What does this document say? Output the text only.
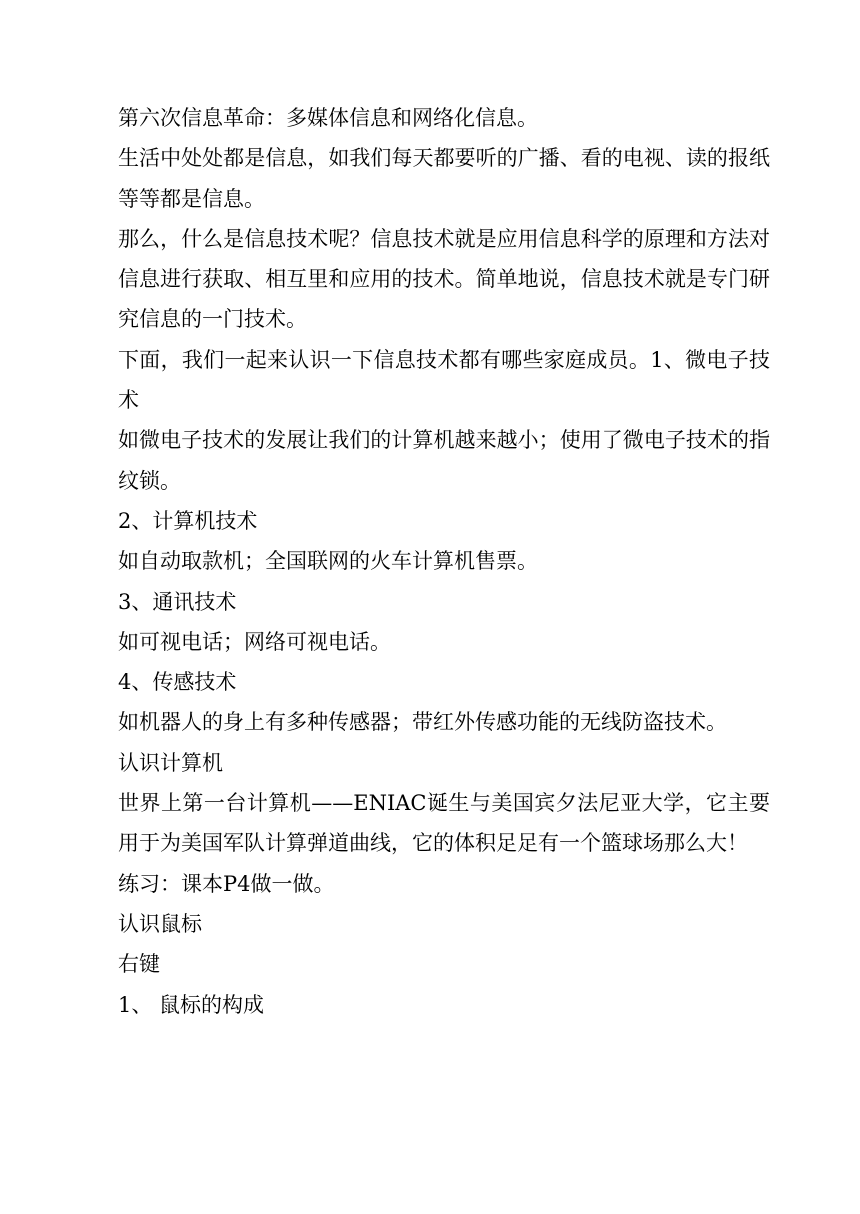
第六次信息革命：多媒体信息和网络化信息。

生活中处处都是信息，如我们每天都要听的广播、看的电视、读的报纸等等都是信息。

那么，什么是信息技术呢？信息技术就是应用信息科学的原理和方法对信息进行获取、相互里和应用的技术。简单地说，信息技术就是专门研究信息的一门技术。

下面，我们一起来认识一下信息技术都有哪些家庭成员。1、微电子技术

如微电子技术的发展让我们的计算机越来越小；使用了微电子技术的指纹锁。

2、计算机技术

如自动取款机；全国联网的火车计算机售票。

3、通讯技术

如可视电话；网络可视电话。

4、传感技术

如机器人的身上有多种传感器；带红外传感功能的无线防盗技术。

认识计算机

世界上第一台计算机——ENIAC诞生与美国宾夕法尼亚大学，它主要用于为美国军队计算弹道曲线，它的体积足足有一个篮球场那么大！

练习：课本P4做一做。

认识鼠标

右键

1、 鼠标的构成
